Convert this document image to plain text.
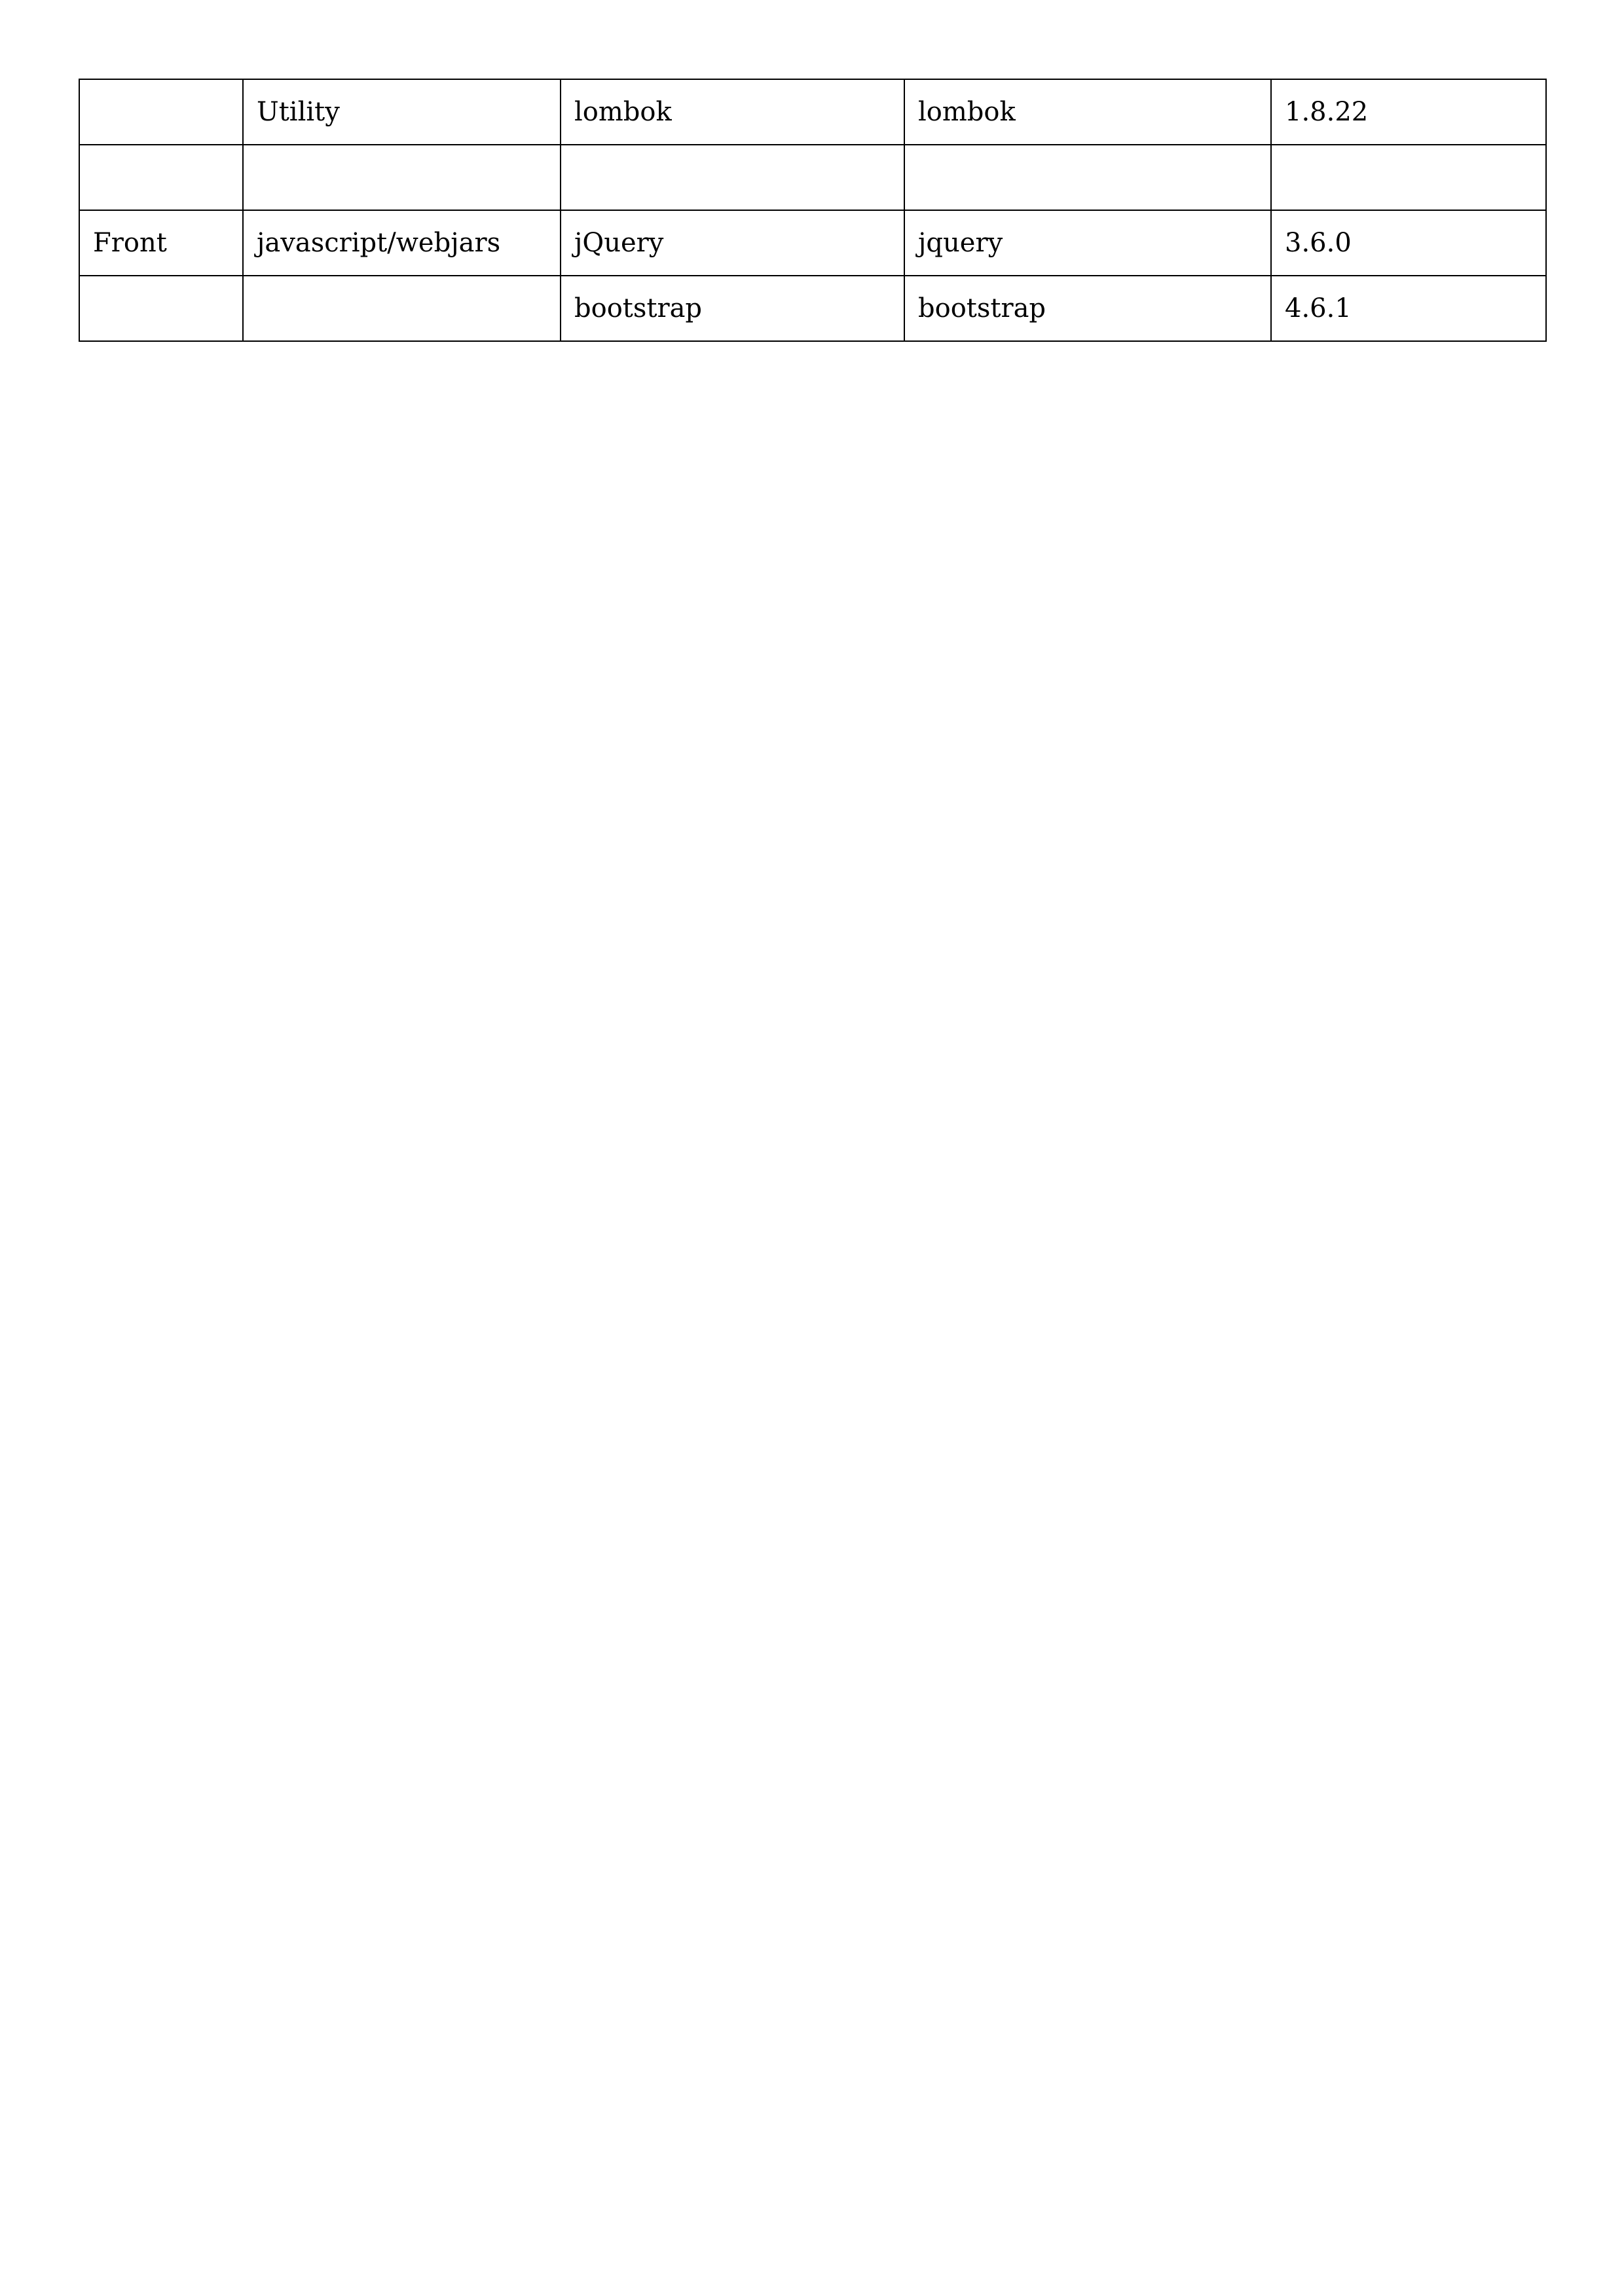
	Utility	lombok	lombok	1.8.22

Front	javascript/webjars	jQuery	jquery	3.6.0
		bootstrap	bootstrap	4.6.1
